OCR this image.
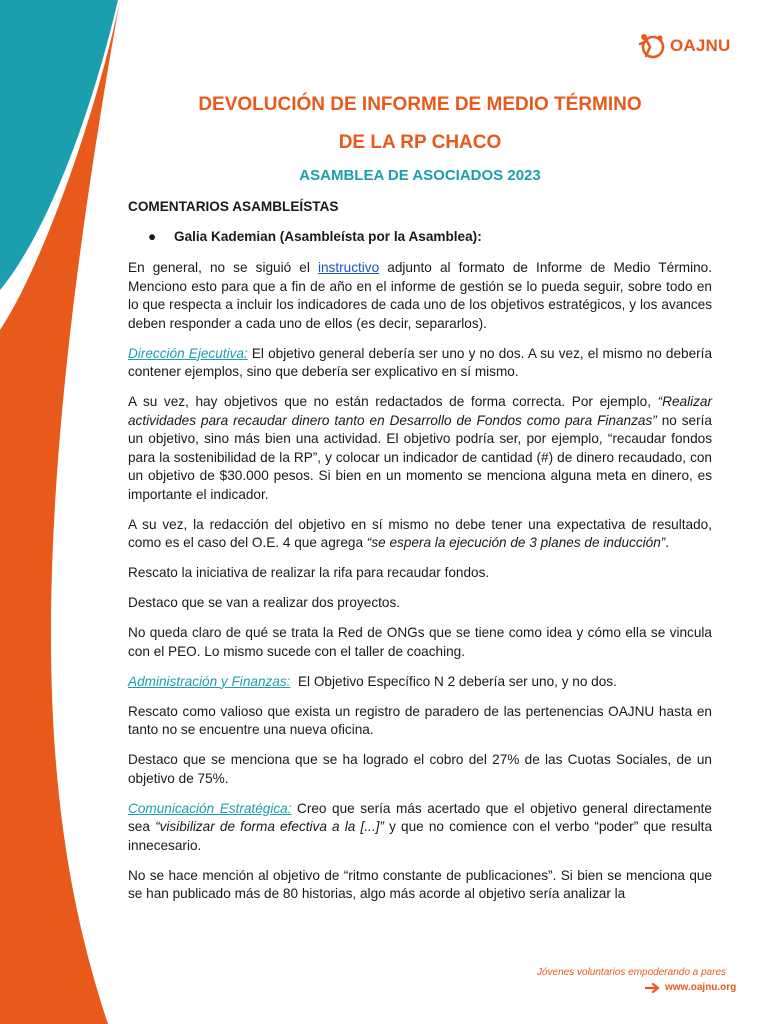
OAJNU
DEVOLUCIÓN DE INFORME DE MEDIO TÉRMINO
DE LA RP CHACO
ASAMBLEA DE ASOCIADOS 2023
COMENTARIOS ASAMBLEÍSTAS
●	Galia Kademian (Asambleísta por la Asamblea):

En general, no se siguió el instructivo adjunto al formato de Informe de Medio Término. Menciono esto para que a fin de año en el informe de gestión se lo pueda seguir, sobre todo en lo que respecta a incluir los indicadores de cada uno de los objetivos estratégicos, y los avances deben responder a cada uno de ellos (es decir, separarlos).

Dirección Ejecutiva: El objetivo general debería ser uno y no dos. A su vez, el mismo no debería contener ejemplos, sino que debería ser explicativo en sí mismo.

A su vez, hay objetivos que no están redactados de forma correcta. Por ejemplo, “Realizar actividades para recaudar dinero tanto en Desarrollo de Fondos como para Finanzas” no sería un objetivo, sino más bien una actividad. El objetivo podría ser, por ejemplo, “recaudar fondos para la sostenibilidad de la RP”, y colocar un indicador de cantidad (#) de dinero recaudado, con un objetivo de $30.000 pesos. Si bien en un momento se menciona alguna meta en dinero, es importante el indicador.

A su vez, la redacción del objetivo en sí mismo no debe tener una expectativa de resultado, como es el caso del O.E. 4 que agrega “se espera la ejecución de 3 planes de inducción”.

Rescato la iniciativa de realizar la rifa para recaudar fondos.

Destaco que se van a realizar dos proyectos.

No queda claro de qué se trata la Red de ONGs que se tiene como idea y cómo ella se vincula con el PEO. Lo mismo sucede con el taller de coaching.

Administración y Finanzas:  El Objetivo Específico N 2 debería ser uno, y no dos.

Rescato como valioso que exista un registro de paradero de las pertenencias OAJNU hasta en tanto no se encuentre una nueva oficina.

Destaco que se menciona que se ha logrado el cobro del 27% de las Cuotas Sociales, de un objetivo de 75%.

Comunicación Estratégica: Creo que sería más acertado que el objetivo general directamente sea “visibilizar de forma efectiva a la [...]” y que no comience con el verbo “poder” que resulta innecesario.

No se hace mención al objetivo de “ritmo constante de publicaciones”. Si bien se menciona que se han publicado más de 80 historias, algo más acorde al objetivo sería analizar la

Jóvenes voluntarios empoderando a pares
www.oajnu.org
